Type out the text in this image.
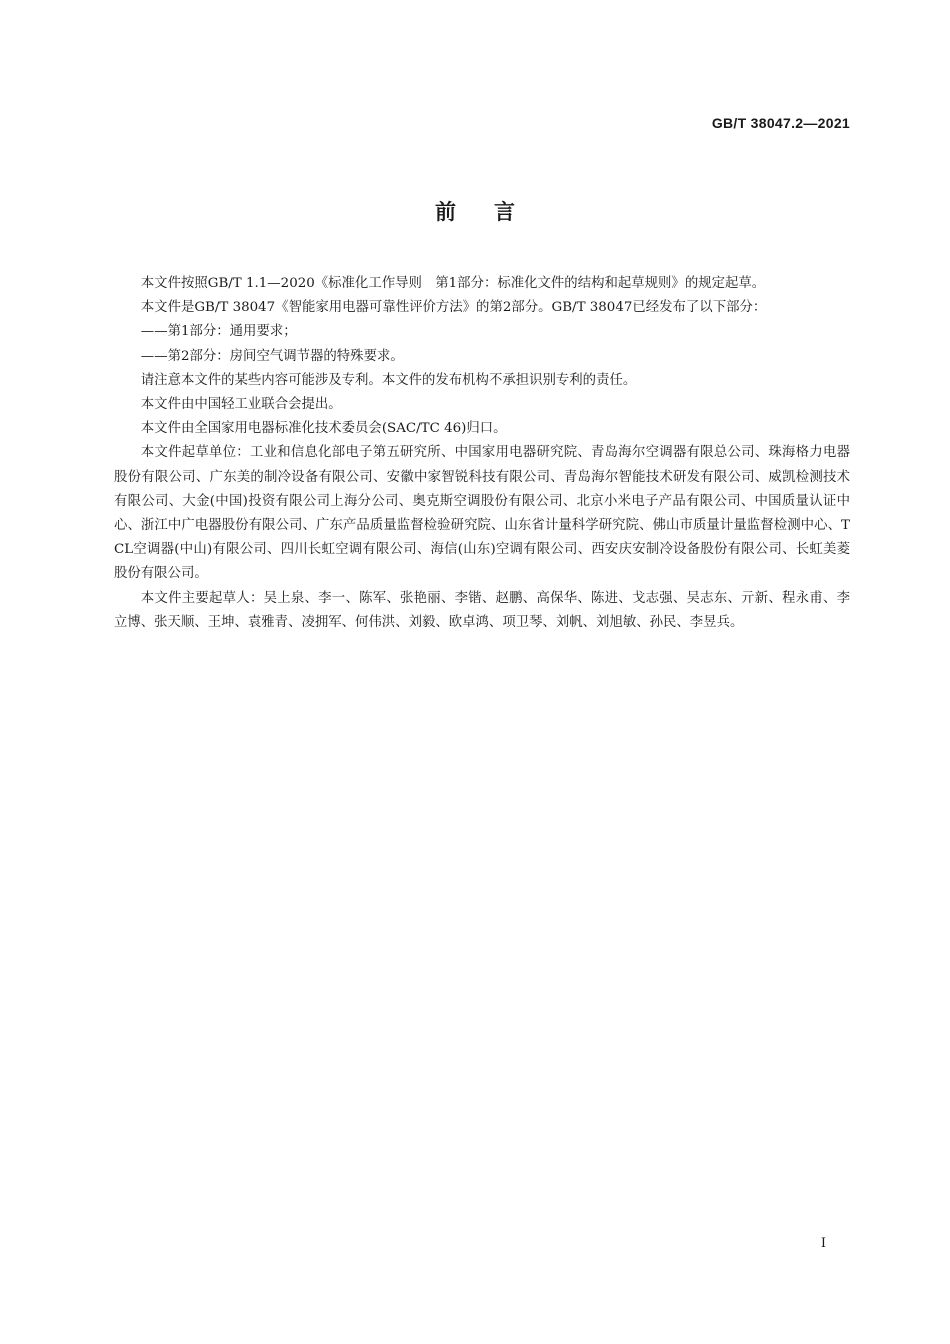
GB/T 38047.2—2021
前言

本文件按照GB/T 1.1—2020《标准化工作导则　第1部分：标准化文件的结构和起草规则》的规定起草。

本文件是GB/T 38047《智能家用电器可靠性评价方法》的第2部分。GB/T 38047已经发布了以下部分：

——第1部分：通用要求；

——第2部分：房间空气调节器的特殊要求。

请注意本文件的某些内容可能涉及专利。本文件的发布机构不承担识别专利的责任。

本文件由中国轻工业联合会提出。

本文件由全国家用电器标准化技术委员会(SAC/TC 46)归口。

本文件起草单位：工业和信息化部电子第五研究所、中国家用电器研究院、青岛海尔空调器有限总公司、珠海格力电器股份有限公司、广东美的制冷设备有限公司、安徽中家智锐科技有限公司、青岛海尔智能技术研发有限公司、威凯检测技术有限公司、大金(中国)投资有限公司上海分公司、奥克斯空调股份有限公司、北京小米电子产品有限公司、中国质量认证中心、浙江中广电器股份有限公司、广东产品质量监督检验研究院、山东省计量科学研究院、佛山市质量计量监督检测中心、TCL空调器(中山)有限公司、四川长虹空调有限公司、海信(山东)空调有限公司、西安庆安制冷设备股份有限公司、长虹美菱股份有限公司。

本文件主要起草人：吴上泉、李一、陈军、张艳丽、李锴、赵鹏、高保华、陈进、戈志强、吴志东、亓新、程永甫、李立博、张天顺、王坤、袁雅青、凌拥军、何伟洪、刘毅、欧卓鸿、项卫琴、刘帆、刘旭敏、孙民、李昱兵。

I
